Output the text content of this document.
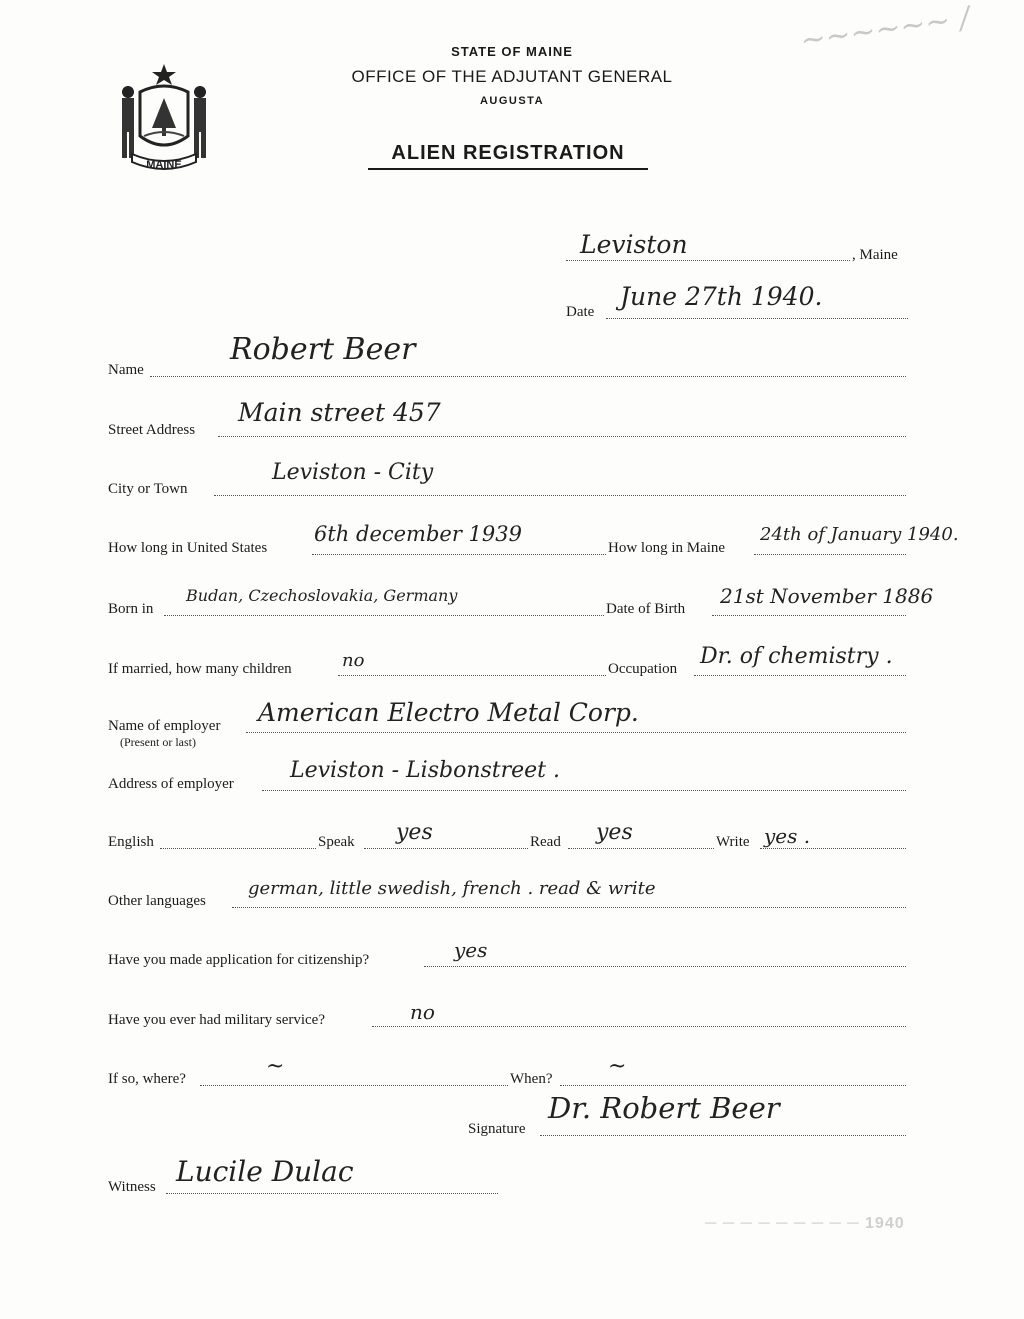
MAINE
STATE OF MAINE
OFFICE OF THE ADJUTANT GENERAL
AUGUSTA
ALIEN REGISTRATION
~~~~~~ /
─ ─ ─ ─ ─ ─ ─ ─ ─ 1940
Leviston	, Maine
Date
June 27th 1940.
Name
Robert Beer
Street Address
Main street 457
City or Town
Leviston - City
How long in United States
6th december 1939
How long in Maine
24th of January 1940.
Born in
Budan, Czechoslovakia, Germany
Date of Birth
21st November 1886
If married, how many children	no	Occupation Dr. of chemistry .
Name of employer
(Present or last)
American Electro Metal Corp.
Address of employer
Leviston - Lisbonstreet .
English	Speak yes	Read yes	Write yes .
Other languages
german, little swedish, french . read & write
Have you made application for citizenship?	yes
Have you ever had military service?	no
If so, where?	~	When?	~
Signature
Dr. Robert Beer
Witness Lucile Dulac
